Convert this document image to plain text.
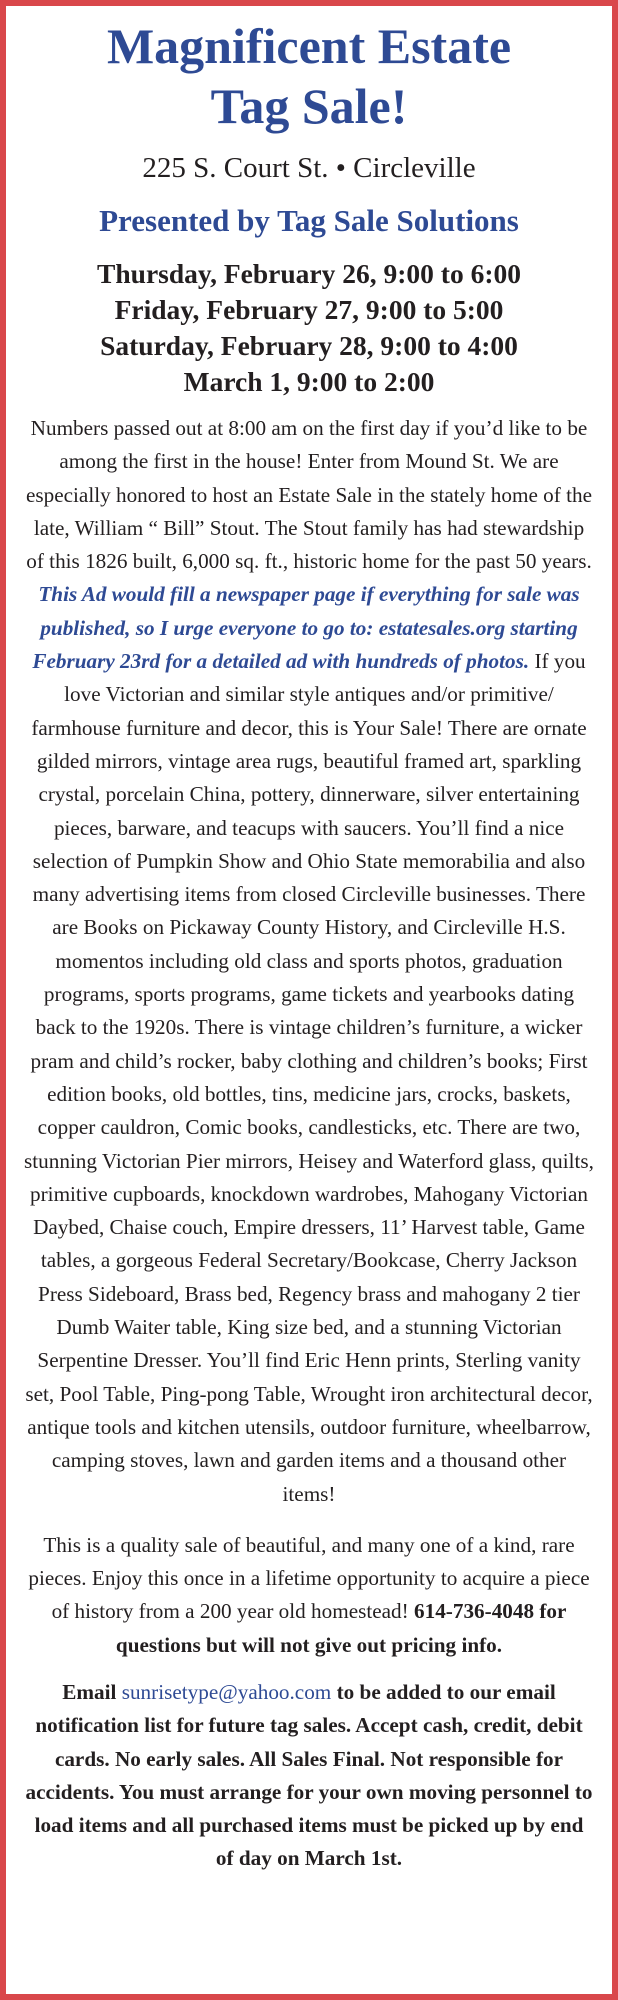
Magnificent Estate
Tag Sale!
225 S. Court St. • Circleville
Presented by Tag Sale Solutions
Thursday, February 26, 9:00 to 6:00
Friday, February 27, 9:00 to 5:00
Saturday, February 28, 9:00 to 4:00
March 1, 9:00 to 2:00
Numbers passed out at 8:00 am on the first day if you’d like to be among the first in the house! Enter from Mound St. We are especially honored to host an Estate Sale in the stately home of the late, William “ Bill” Stout. The Stout family has had stewardship of this 1826 built, 6,000 sq. ft., historic home for the past 50 years. This Ad would fill a newspaper page if everything for sale was published, so I urge everyone to go to: estatesales.org starting February 23rd for a detailed ad with hundreds of photos. If you love Victorian and similar style antiques and/or primitive/ farmhouse furniture and decor, this is Your Sale! There are ornate gilded mirrors, vintage area rugs, beautiful framed art, sparkling crystal, porcelain China, pottery, dinnerware, silver entertaining pieces, barware, and teacups with saucers. You’ll find a nice selection of Pumpkin Show and Ohio State memorabilia and also many advertising items from closed Circleville businesses. There are Books on Pickaway County History, and Circleville H.S. momentos including old class and sports photos, graduation programs, sports programs, game tickets and yearbooks dating back to the 1920s. There is vintage children’s furniture, a wicker pram and child’s rocker, baby clothing and children’s books; First edition books, old bottles, tins, medicine jars, crocks, baskets, copper cauldron, Comic books, candlesticks, etc. There are two, stunning Victorian Pier mirrors, Heisey and Waterford glass, quilts, primitive cupboards, knockdown wardrobes, Mahogany Victorian Daybed, Chaise couch, Empire dressers, 11’ Harvest table, Game tables, a gorgeous Federal Secretary/Bookcase, Cherry Jackson Press Sideboard, Brass bed, Regency brass and mahogany 2 tier Dumb Waiter table, King size bed, and a stunning Victorian Serpentine Dresser. You’ll find Eric Henn prints, Sterling vanity set, Pool Table, Ping-pong Table, Wrought iron architectural decor, antique tools and kitchen utensils, outdoor furniture, wheelbarrow, camping stoves, lawn and garden items and a thousand other items!
This is a quality sale of beautiful, and many one of a kind, rare pieces. Enjoy this once in a lifetime opportunity to acquire a piece of history from a 200 year old homestead! 614-736-4048 for questions but will not give out pricing info.
Email sunrisetype@yahoo.com to be added to our email notification list for future tag sales. Accept cash, credit, debit cards. No early sales. All Sales Final. Not responsible for accidents. You must arrange for your own moving personnel to load items and all purchased items must be picked up by end of day on March 1st.
